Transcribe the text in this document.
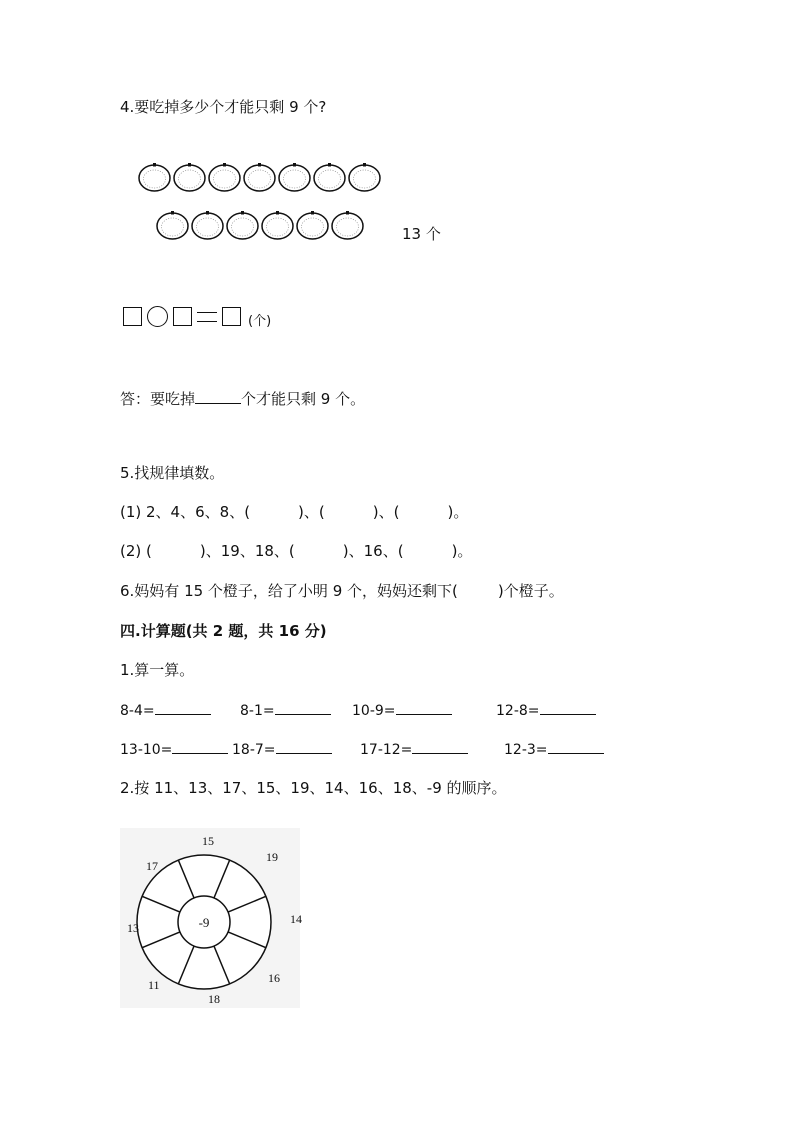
4.要吃掉多少个才能只剩 9 个?
13 个
(个)
答：要吃掉	个才能只剩 9 个。
5.找规律填数。
(1) 2、4、6、8、(	)、(	)、(	)。
(2) (	)、19、18、(	)、16、(	)。
6.妈妈有 15 个橙子，给了小明 9 个，妈妈还剩下(	)个橙子。
四.计算题(共 2 题，共 16 分)
1.算一算。
8-4=	8-1=	10-9=	12-8=
13-10=	18-7=	17-12=	12-3=
2.按 11、13、17、15、19、14、16、18、-9 的顺序。
-9
15
19
14
16
18
11
13
17
